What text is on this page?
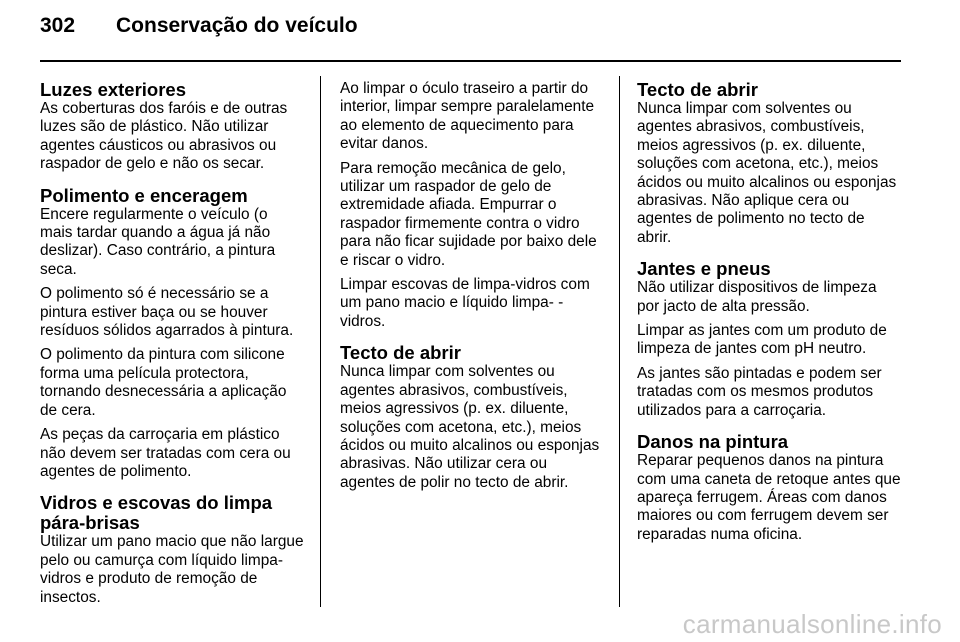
302 Conservação do veículo
Luzes exteriores

As coberturas dos faróis e de outras luzes são de plástico. Não utilizar agentes cáusticos ou abrasivos ou raspador de gelo e não os secar.

Polimento e enceragem

Encere regularmente o veículo (o mais tardar quando a água já não deslizar). Caso contrário, a pintura seca.

O polimento só é necessário se a pintura estiver baça ou se houver resíduos sólidos agarrados à pintura.

O polimento da pintura com silicone forma uma película protectora, tornando desnecessária a aplicação de cera.

As peças da carroçaria em plástico não devem ser tratadas com cera ou agentes de polimento.

Vidros e escovas do limpa pára-brisas

Utilizar um pano macio que não largue pelo ou camurça com líquido limpa-vidros e produto de remoção de insectos.

Ao limpar o óculo traseiro a partir do interior, limpar sempre paralelamente ao elemento de aquecimento para evitar danos.

Para remoção mecânica de gelo, utilizar um raspador de gelo de extremidade afiada. Empurrar o raspador firmemente contra o vidro para não ficar sujidade por baixo dele e riscar o vidro.

Limpar escovas de limpa-vidros com um pano macio e líquido limpa- -vidros.

Tecto de abrir

Nunca limpar com solventes ou agentes abrasivos, combustíveis, meios agressivos (p. ex. diluente, soluções com acetona, etc.), meios ácidos ou muito alcalinos ou esponjas abrasivas. Não utilizar cera ou agentes de polir no tecto de abrir.

Tecto de abrir

Nunca limpar com solventes ou agentes abrasivos, combustíveis, meios agressivos (p. ex. diluente, soluções com acetona, etc.), meios ácidos ou muito alcalinos ou esponjas abrasivas. Não aplique cera ou agentes de polimento no tecto de abrir.

Jantes e pneus

Não utilizar dispositivos de limpeza por jacto de alta pressão.

Limpar as jantes com um produto de limpeza de jantes com pH neutro.

As jantes são pintadas e podem ser tratadas com os mesmos produtos utilizados para a carroçaria.

Danos na pintura

Reparar pequenos danos na pintura com uma caneta de retoque antes que apareça ferrugem. Áreas com danos maiores ou com ferrugem devem ser reparadas numa oficina.

carmanualsonline.info
